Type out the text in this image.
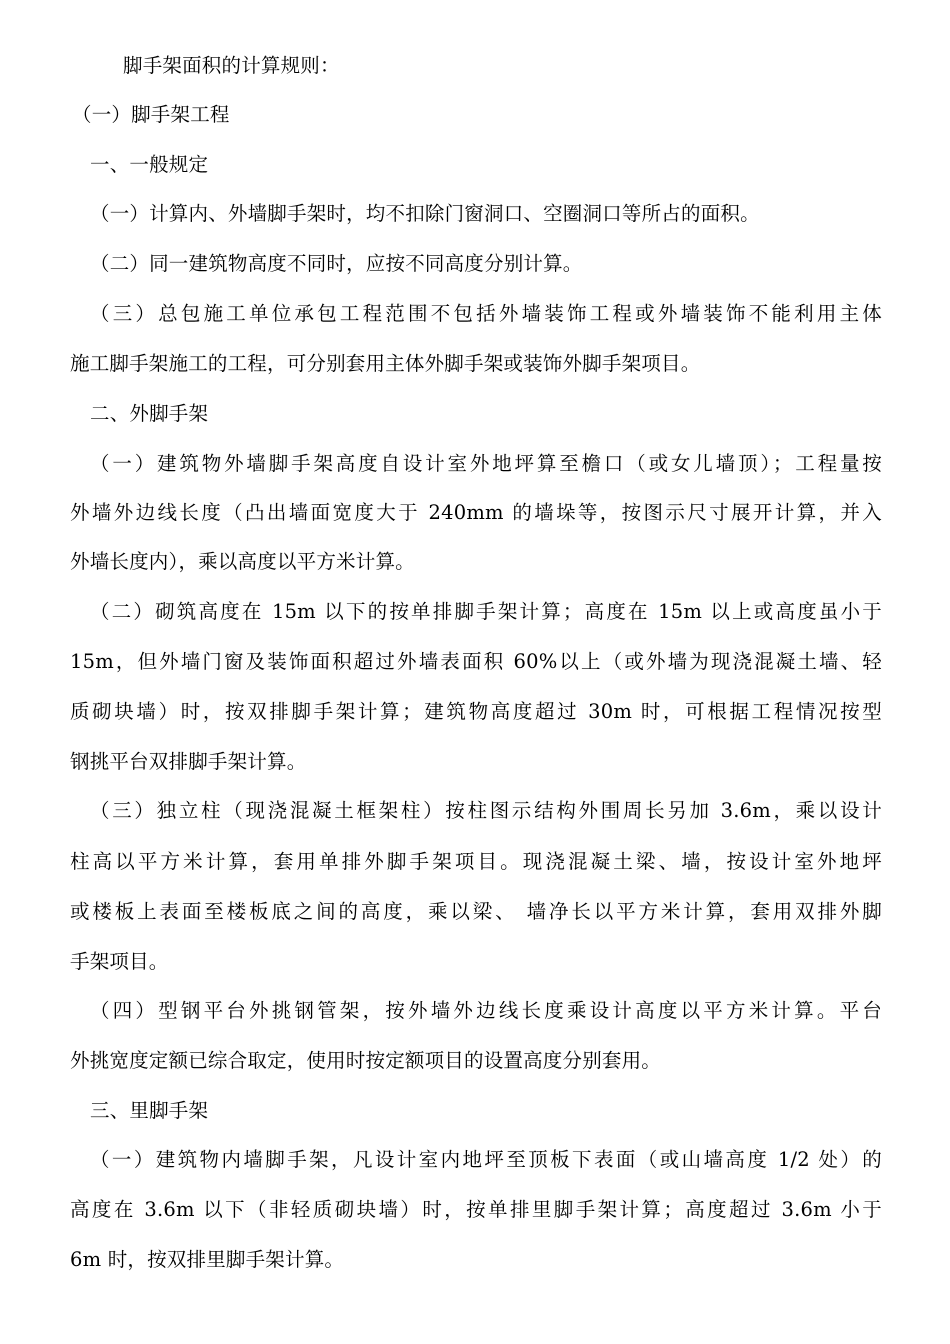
脚手架面积的计算规则：
（一）脚手架工程
一、一般规定
（一）计算内、外墙脚手架时，均不扣除门窗洞口、空圈洞口等所占的面积。
（二）同一建筑物高度不同时，应按不同高度分别计算。
（三）总包施工单位承包工程范围不包括外墙装饰工程或外墙装饰不能利用主体
施工脚手架施工的工程，可分别套用主体外脚手架或装饰外脚手架项目。
二、外脚手架
（一）建筑物外墙脚手架高度自设计室外地坪算至檐口（或女儿墙顶）；工程量按
外墙外边线长度（凸出墙面宽度大于 240mm 的墙垛等，按图示尺寸展开计算，并入
外墙长度内），乘以高度以平方米计算。
（二）砌筑高度在 15m 以下的按单排脚手架计算；高度在 15m 以上或高度虽小于
15m，但外墙门窗及装饰面积超过外墙表面积 60%以上（或外墙为现浇混凝土墙、轻
质砌块墙）时，按双排脚手架计算；建筑物高度超过 30m 时，可根据工程情况按型
钢挑平台双排脚手架计算。
（三）独立柱（现浇混凝土框架柱）按柱图示结构外围周长另加 3.6m，乘以设计
柱高以平方米计算，套用单排外脚手架项目。现浇混凝土梁、墙，按设计室外地坪
或楼板上表面至楼板底之间的高度，乘以梁、 墙净长以平方米计算，套用双排外脚
手架项目。
（四）型钢平台外挑钢管架，按外墙外边线长度乘设计高度以平方米计算。平台
外挑宽度定额已综合取定，使用时按定额项目的设置高度分别套用。
三、里脚手架
（一）建筑物内墙脚手架，凡设计室内地坪至顶板下表面（或山墙高度 1/2 处）的
高度在 3.6m 以下（非轻质砌块墙）时，按单排里脚手架计算；高度超过 3.6m 小于
6m 时，按双排里脚手架计算。
